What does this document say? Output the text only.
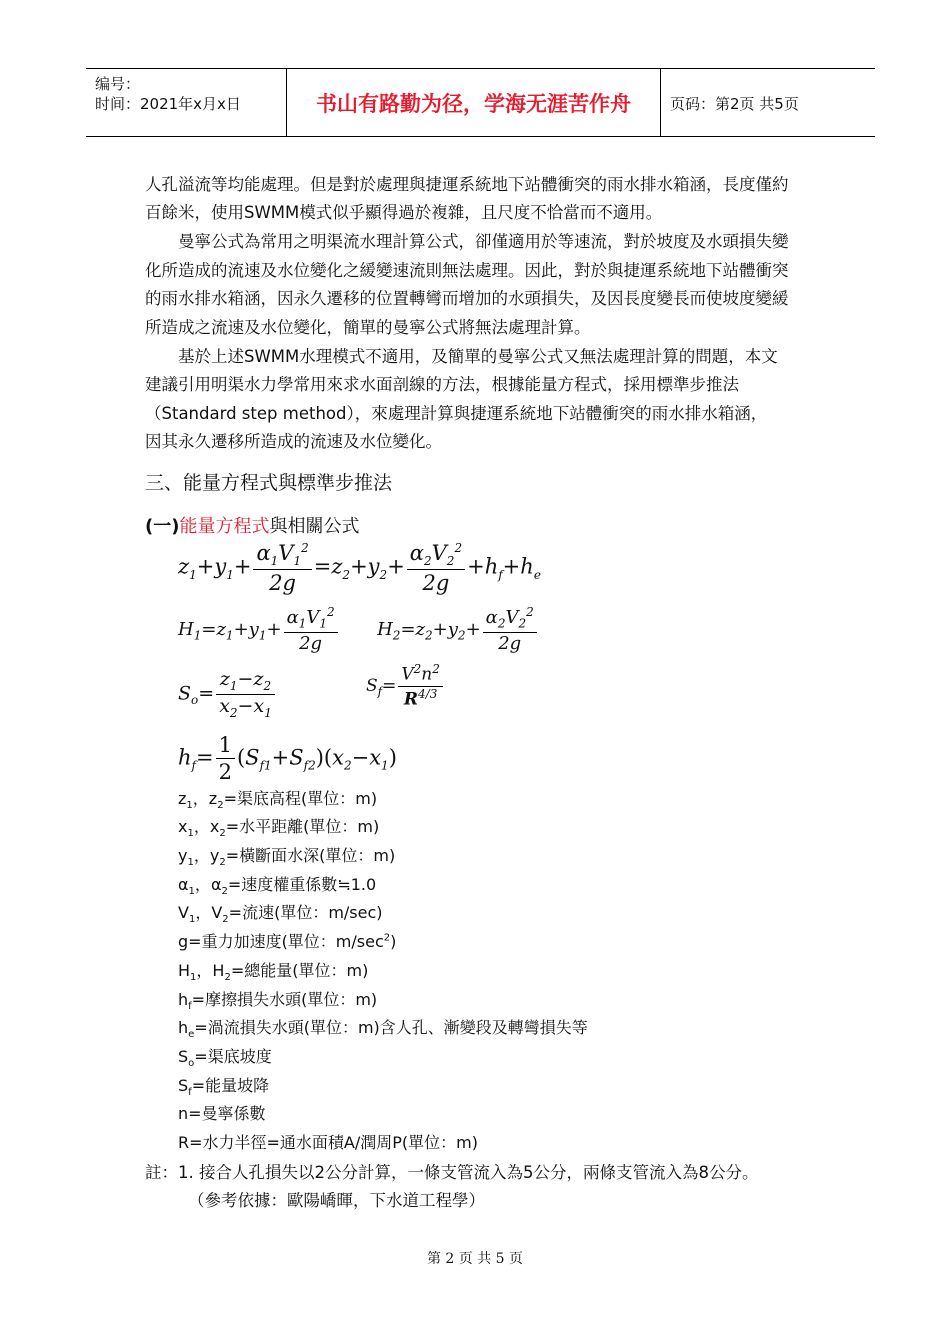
编号：
时间：2021年x月x日	书山有路勤为径，学海无涯苦作舟	页码：第2页 共5页
人孔溢流等均能處理。但是對於處理與捷運系統地下站體衝突的雨水排水箱涵，長度僅約
百餘米，使用SWMM模式似乎顯得過於複雜，且尺度不恰當而不適用。
曼寧公式為常用之明渠流水理計算公式，卻僅適用於等速流，對於坡度及水頭損失變
化所造成的流速及水位變化之緩變速流則無法處理。因此，對於與捷運系統地下站體衝突
的雨水排水箱涵，因永久遷移的位置轉彎而增加的水頭損失，及因長度變長而使坡度變緩
所造成之流速及水位變化，簡單的曼寧公式將無法處理計算。
基於上述SWMM水理模式不適用，及簡單的曼寧公式又無法處理計算的問題，本文
建議引用明渠水力學常用來求水面剖線的方法，根據能量方程式，採用標準步推法
（Standard step method），來處理計算與捷運系統地下站體衝突的雨水排水箱涵，
因其永久遷移所造成的流速及水位變化。
三、能量方程式與標準步推法
(一)能量方程式與相關公式
$z_1+y_1+ \frac{\alpha_1V_1^2}{2g} =z_2+y_2+ \frac{\alpha_2V_2^2}{2g} +h_f+h_e$
$H_1=z_1+y_1+ \frac{\alpha_1V_1^2}{2g} H_2=z_2+y_2+ \frac{\alpha_2V_2^2}{2g}$
$S_o= \frac{z_1-z_2}{x_2-x_1}$	$S_f= \frac{V^2n^2}{R^{4/3}}$
$h_f= \frac{1}{2} (S_{f1}+S_{f2})(x_2-x_1)$
$z_1$，$z_2=$渠底高程(單位：m)
$x_1$，$x_2=$水平距離(單位：m)
$y_1$，$y_2=$橫斷面水深(單位：m)
$\alpha_1$，$\alpha_2=$速度權重係數≒1.0
$V_1$，$V_2=$流速(單位：m/sec)
$H_1$，$H_2=$總能量(單位：m)
g=重力加速度(單位：$m/\sec^2$)
$h_f=$摩擦損失水頭(單位：m)
$h_e=$渦流損失水頭(單位：m)含人孔、漸變段及轉彎損失等
$S_o=$渠底坡度
$S_f=$能量坡降
n=曼寧係數
R=水力半徑=通水面積A/潤周P(單位：m)
註：1. 接合人孔損失以2公分計算，一條支管流入為5公分，兩條支管流入為8公分。
（參考依據：歐陽嶠暉，下水道工程學）
第 2 页 共 5 页
